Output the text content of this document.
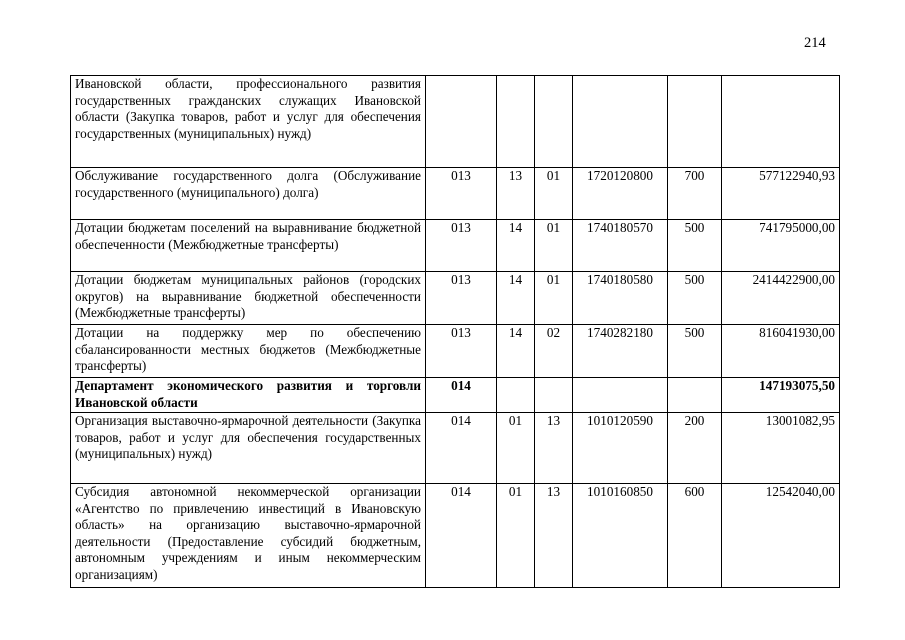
214
Ивановской области, профессионального развития государственных гражданских служащих Ивановской области (Закупка товаров, работ и услуг для обеспечения государственных (муниципальных) нужд)						
Обслуживание государственного долга (Обслуживание государственного (муниципального) долга)	013	13	01	1720120800	700	577122940,93
Дотации бюджетам поселений на выравнивание бюджетной обеспеченности (Межбюджетные трансферты)	013	14	01	1740180570	500	741795000,00
Дотации бюджетам муниципальных районов (городских округов) на выравнивание бюджетной обеспеченности (Межбюджетные трансферты)	013	14	01	1740180580	500	2414422900,00
Дотации на поддержку мер по обеспечению сбалансированности местных бюджетов (Межбюджетные трансферты)	013	14	02	1740282180	500	816041930,00
Департамент экономического развития и торговли Ивановской области	014					147193075,50
Организация выставочно-ярмарочной деятельности (Закупка товаров, работ и услуг для обеспечения государственных (муниципальных) нужд)	014	01	13	1010120590	200	13001082,95
Субсидия автономной некоммерческой организации «Агентство по привлечению инвестиций в Ивановскую область» на организацию выставочно-ярмарочной деятельности (Предоставление субсидий бюджетным, автономным учреждениям и иным некоммерческим организациям)	014	01	13	1010160850	600	12542040,00
